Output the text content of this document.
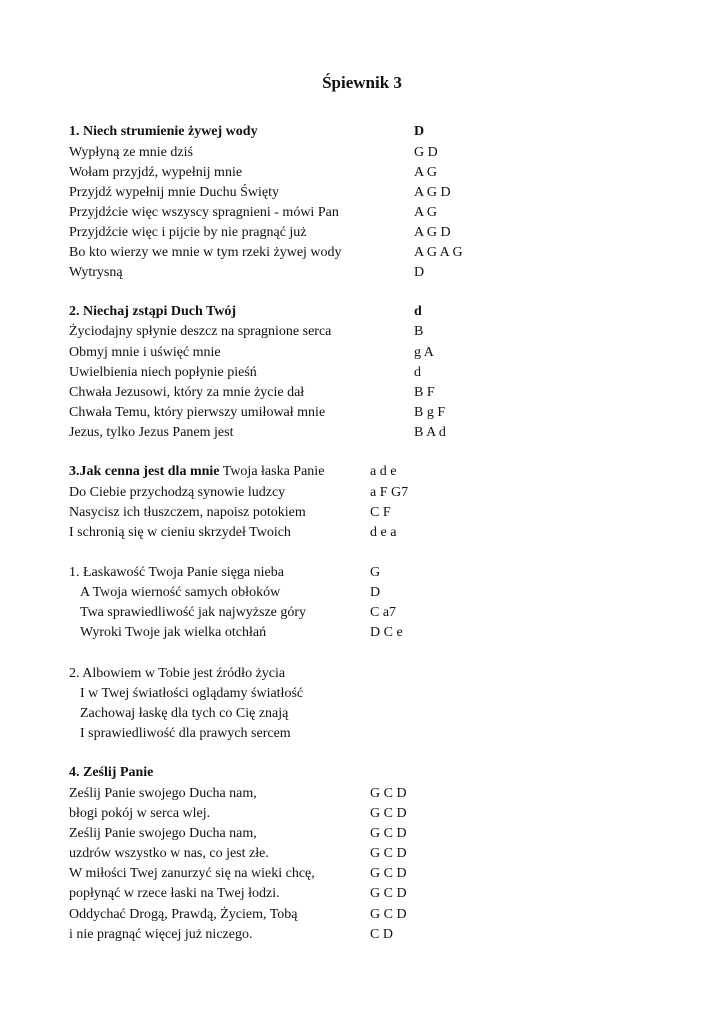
Śpiewnik 3
1. Niech strumienie żywej wody	D
Wypłyną ze mnie dziś	G D
Wołam przyjdź, wypełnij mnie	A G
Przyjdź wypełnij mnie Duchu Święty	A G D
Przyjdźcie więc wszyscy spragnieni - mówi Pan	A G
Przyjdźcie więc i pijcie by nie pragnąć już	A G D
Bo kto wierzy we mnie w tym rzeki żywej wody	A G A G
Wytrysną	D
2. Niechaj zstąpi Duch Twój	d
Życiodajny spłynie deszcz na spragnione serca	B
Obmyj mnie i uświęć mnie	g A
Uwielbienia niech popłynie pieśń	d
Chwała Jezusowi, który za mnie życie dał	B F
Chwała Temu, który pierwszy umiłował mnie	B g F
Jezus, tylko Jezus Panem jest	B A d
3.Jak cenna jest dla mnie Twoja łaska Panie	a d e
Do Ciebie przychodzą synowie ludzcy	a F G7
Nasycisz ich tłuszczem, napoisz potokiem	C F
I schronią się w cieniu skrzydeł Twoich	d e a
1. Łaskawość Twoja Panie sięga nieba	G
A Twoja wierność samych obłoków	D
Twa sprawiedliwość jak najwyższe góry	C a7
Wyroki Twoje jak wielka otchłań	D C e
2. Albowiem w Tobie jest źródło życia
I w Twej światłości oglądamy światłość
Zachowaj łaskę dla tych co Cię znają
I sprawiedliwość dla prawych sercem
4. Ześlij Panie
Ześlij Panie swojego Ducha nam,	G C D
błogi pokój w serca wlej.	G C D
Ześlij Panie swojego Ducha nam,	G C D
uzdrów wszystko w nas, co jest złe.	G C D
W miłości Twej zanurzyć się na wieki chcę,	G C D
popłynąć w rzece łaski na Twej łodzi.	G C D
Oddychać Drogą, Prawdą, Życiem, Tobą	G C D
i nie pragnąć więcej już niczego.	C D
